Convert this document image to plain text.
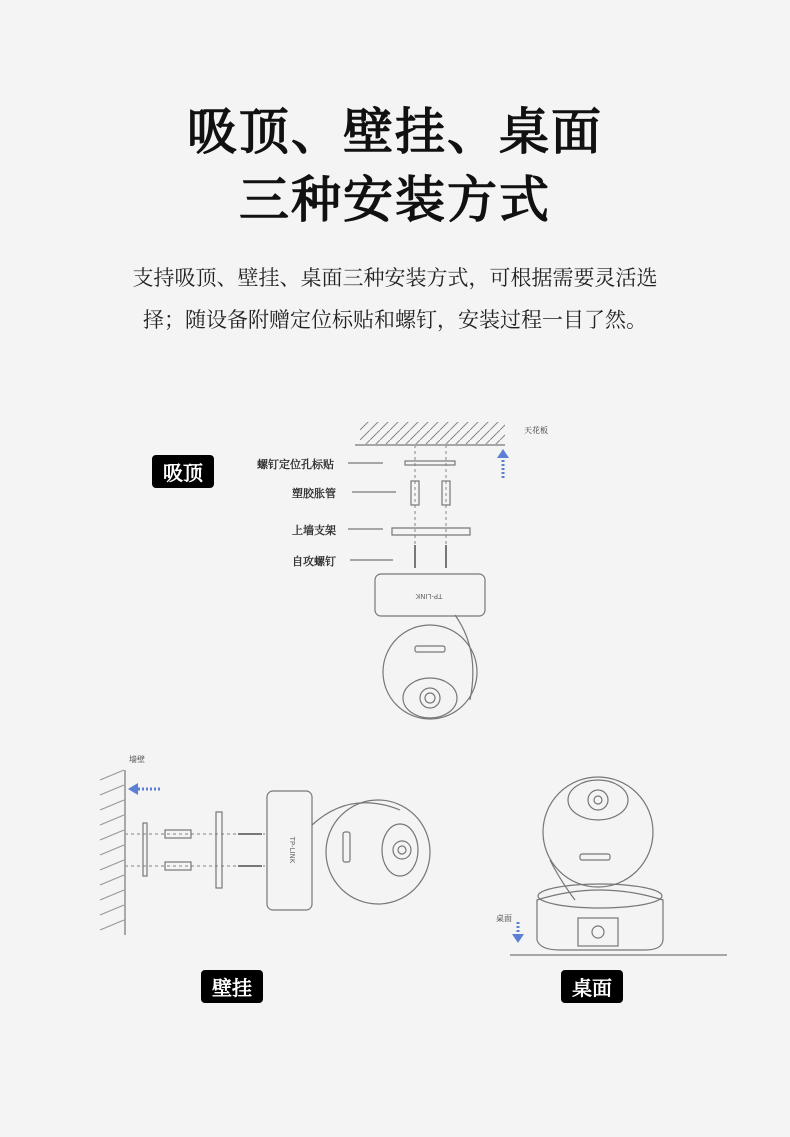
吸顶、壁挂、桌面
三种安装方式
支持吸顶、壁挂、桌面三种安装方式，可根据需要灵活选
择；随设备附赠定位标贴和螺钉，安装过程一目了然。
TP-LINK
TP-LINK
天花板
螺钉定位孔标贴
塑胶胀管
上墙支架
自攻螺钉
吸顶
墙壁
壁挂
桌面
桌面
